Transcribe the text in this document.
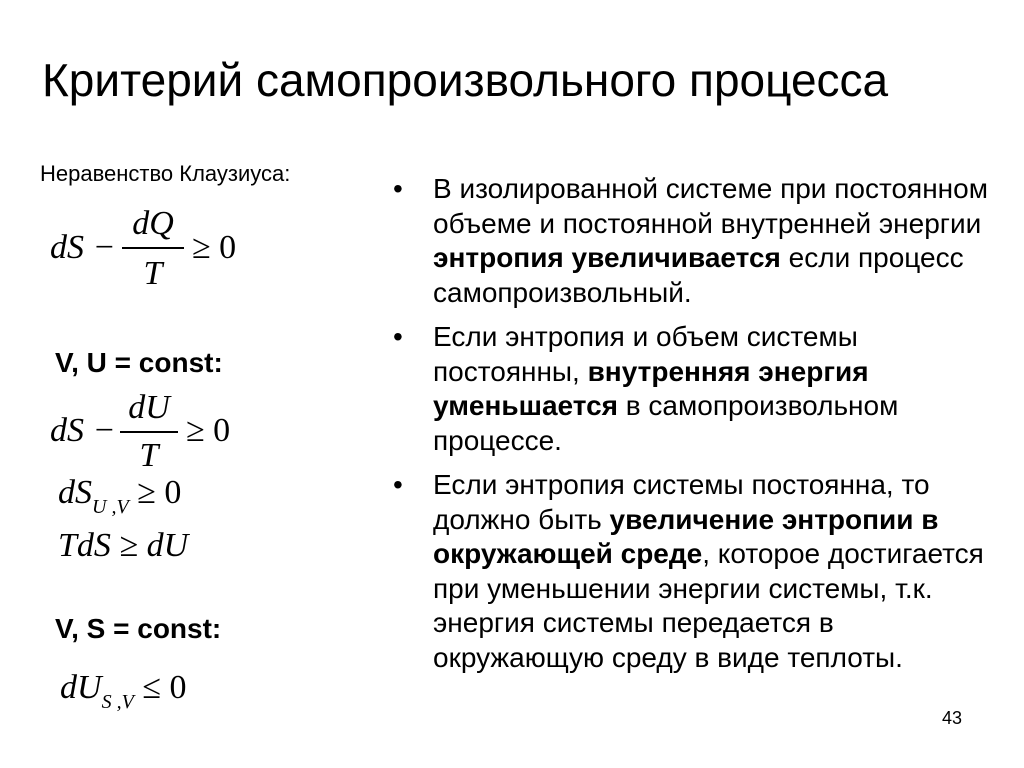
Критерий самопроизвольного процесса
Неравенство Клаузиуса:
dS −
dQ
T
≥ 0
V, U = const:
dS −
dU
T
≥ 0
$dS_{U ,V} \ge 0$
TdS ≥ dU
V, S = const:
$dU_{S ,V} \le 0$
• В изолированной системе при постоянном объеме и постоянной внутренней энергии энтропия увеличивается если процесс самопроизвольный.
• Если энтропия и объем системы постоянны, внутренняя энергия уменьшается в самопроизвольном процессе.
• Если энтропия системы постоянна, то должно быть увеличение энтропии в окружающей среде, которое достигается при уменьшении энергии системы, т.к. энергия системы передается в окружающую среду в виде теплоты.
43
